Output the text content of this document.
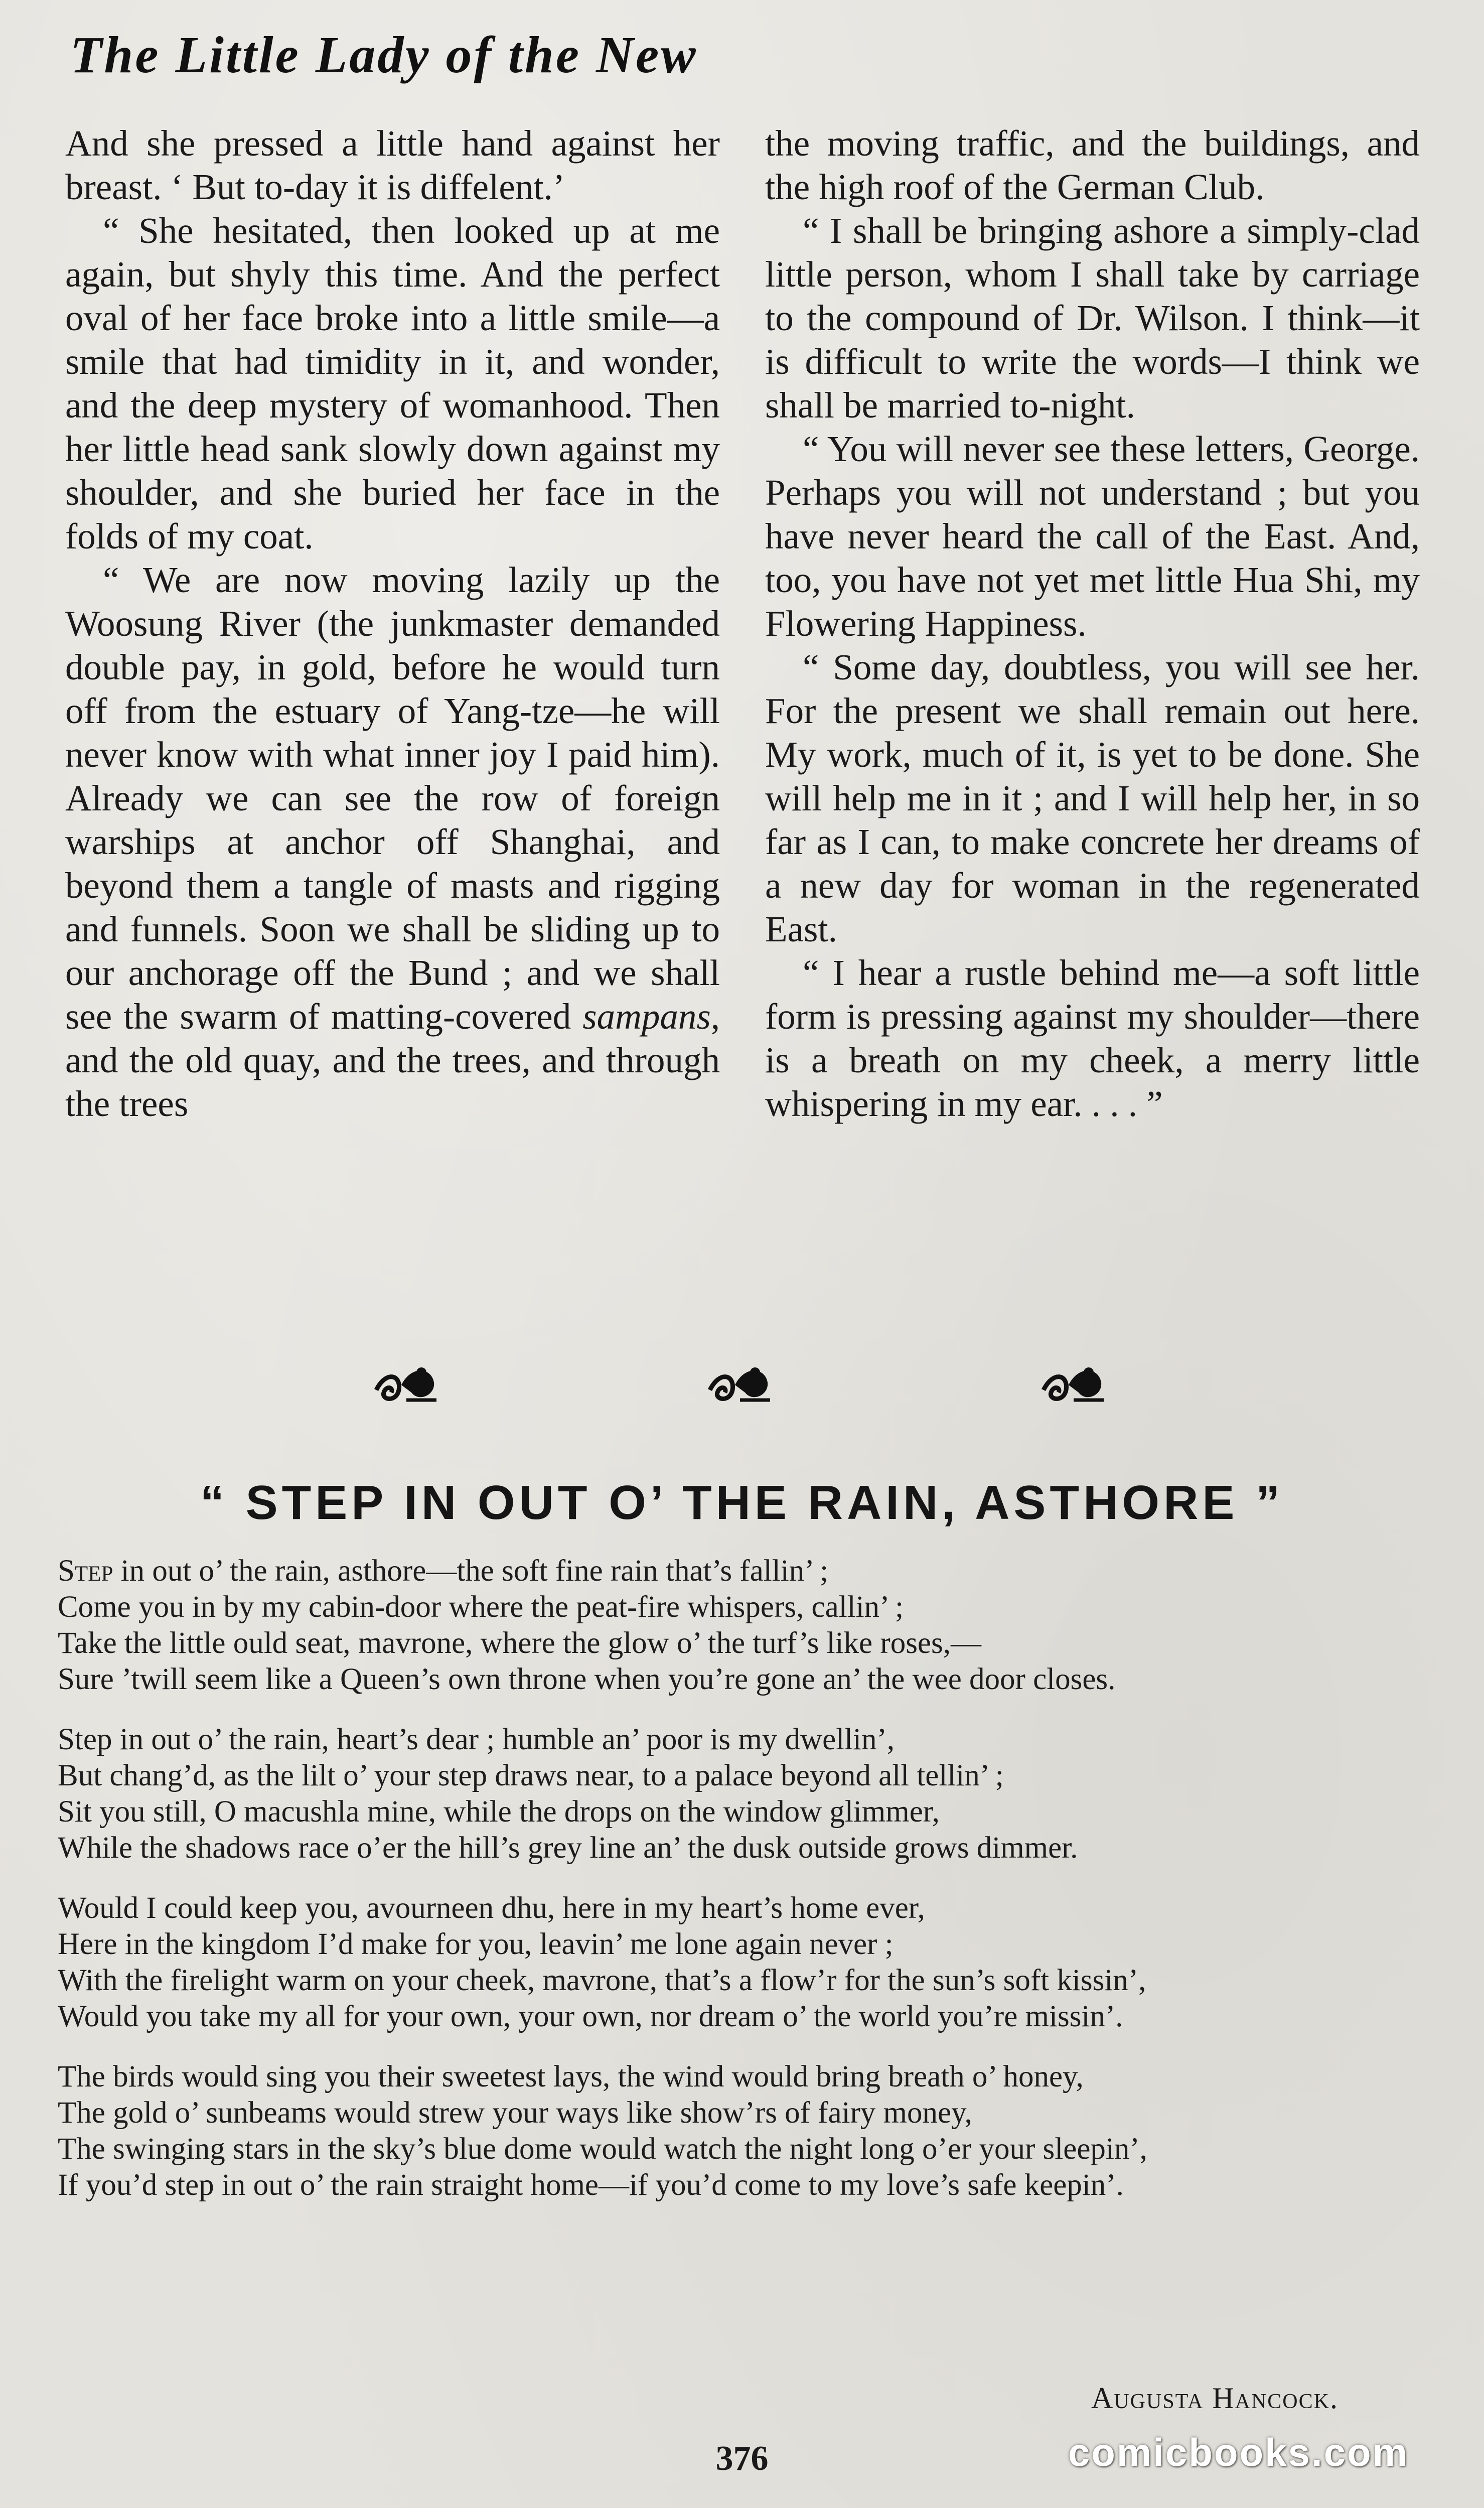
The Little Lady of the New

And she pressed a little hand against her breast. ‘ But to-day it is diffelent.’

“ She hesitated, then looked up at me again, but shyly this time. And the perfect oval of her face broke into a little smile—a smile that had timidity in it, and wonder, and the deep mystery of womanhood. Then her little head sank slowly down against my shoulder, and she buried her face in the folds of my coat.

“ We are now moving lazily up the Woosung River (the junkmaster demanded double pay, in gold, before he would turn off from the estuary of Yang-tze—he will never know with what inner joy I paid him). Already we can see the row of foreign warships at anchor off Shanghai, and beyond them a tangle of masts and rigging and funnels. Soon we shall be sliding up to our anchorage off the Bund ; and we shall see the swarm of matting-covered sampans, and the old quay, and the trees, and through the trees

the moving traffic, and the buildings, and the high roof of the German Club.

“ I shall be bringing ashore a simply-clad little person, whom I shall take by carriage to the compound of Dr. Wilson. I think—it is difficult to write the words—I think we shall be married to-night.

“ You will never see these letters, George. Perhaps you will not understand ; but you have never heard the call of the East. And, too, you have not yet met little Hua Shi, my Flowering Happiness.

“ Some day, doubtless, you will see her. For the present we shall remain out here. My work, much of it, is yet to be done. She will help me in it ; and I will help her, in so far as I can, to make concrete her dreams of a new day for woman in the regenerated East.

“ I hear a rustle behind me—a soft little form is pressing against my shoulder—there is a breath on my cheek, a merry little whispering in my ear. . . . ”

“ STEP IN OUT O’ THE RAIN, ASTHORE ”
Step in out o’ the rain, asthore—the soft fine rain that’s fallin’ ;
Come you in by my cabin-door where the peat-fire whispers, callin’ ;
Take the little ould seat, mavrone, where the glow o’ the turf’s like roses,—
Sure ’twill seem like a Queen’s own throne when you’re gone an’ the wee door closes.
Step in out o’ the rain, heart’s dear ; humble an’ poor is my dwellin’,
But chang’d, as the lilt o’ your step draws near, to a palace beyond all tellin’ ;
Sit you still, O macushla mine, while the drops on the window glimmer,
While the shadows race o’er the hill’s grey line an’ the dusk outside grows dimmer.
Would I could keep you, avourneen dhu, here in my heart’s home ever,
Here in the kingdom I’d make for you, leavin’ me lone again never ;
With the firelight warm on your cheek, mavrone, that’s a flow’r for the sun’s soft kissin’,
Would you take my all for your own, your own, nor dream o’ the world you’re missin’.
The birds would sing you their sweetest lays, the wind would bring breath o’ honey,
The gold o’ sunbeams would strew your ways like show’rs of fairy money,
The swinging stars in the sky’s blue dome would watch the night long o’er your sleepin’,
If you’d step in out o’ the rain straight home—if you’d come to my love’s safe keepin’.
Augusta Hancock.
376	comicbooks.com
